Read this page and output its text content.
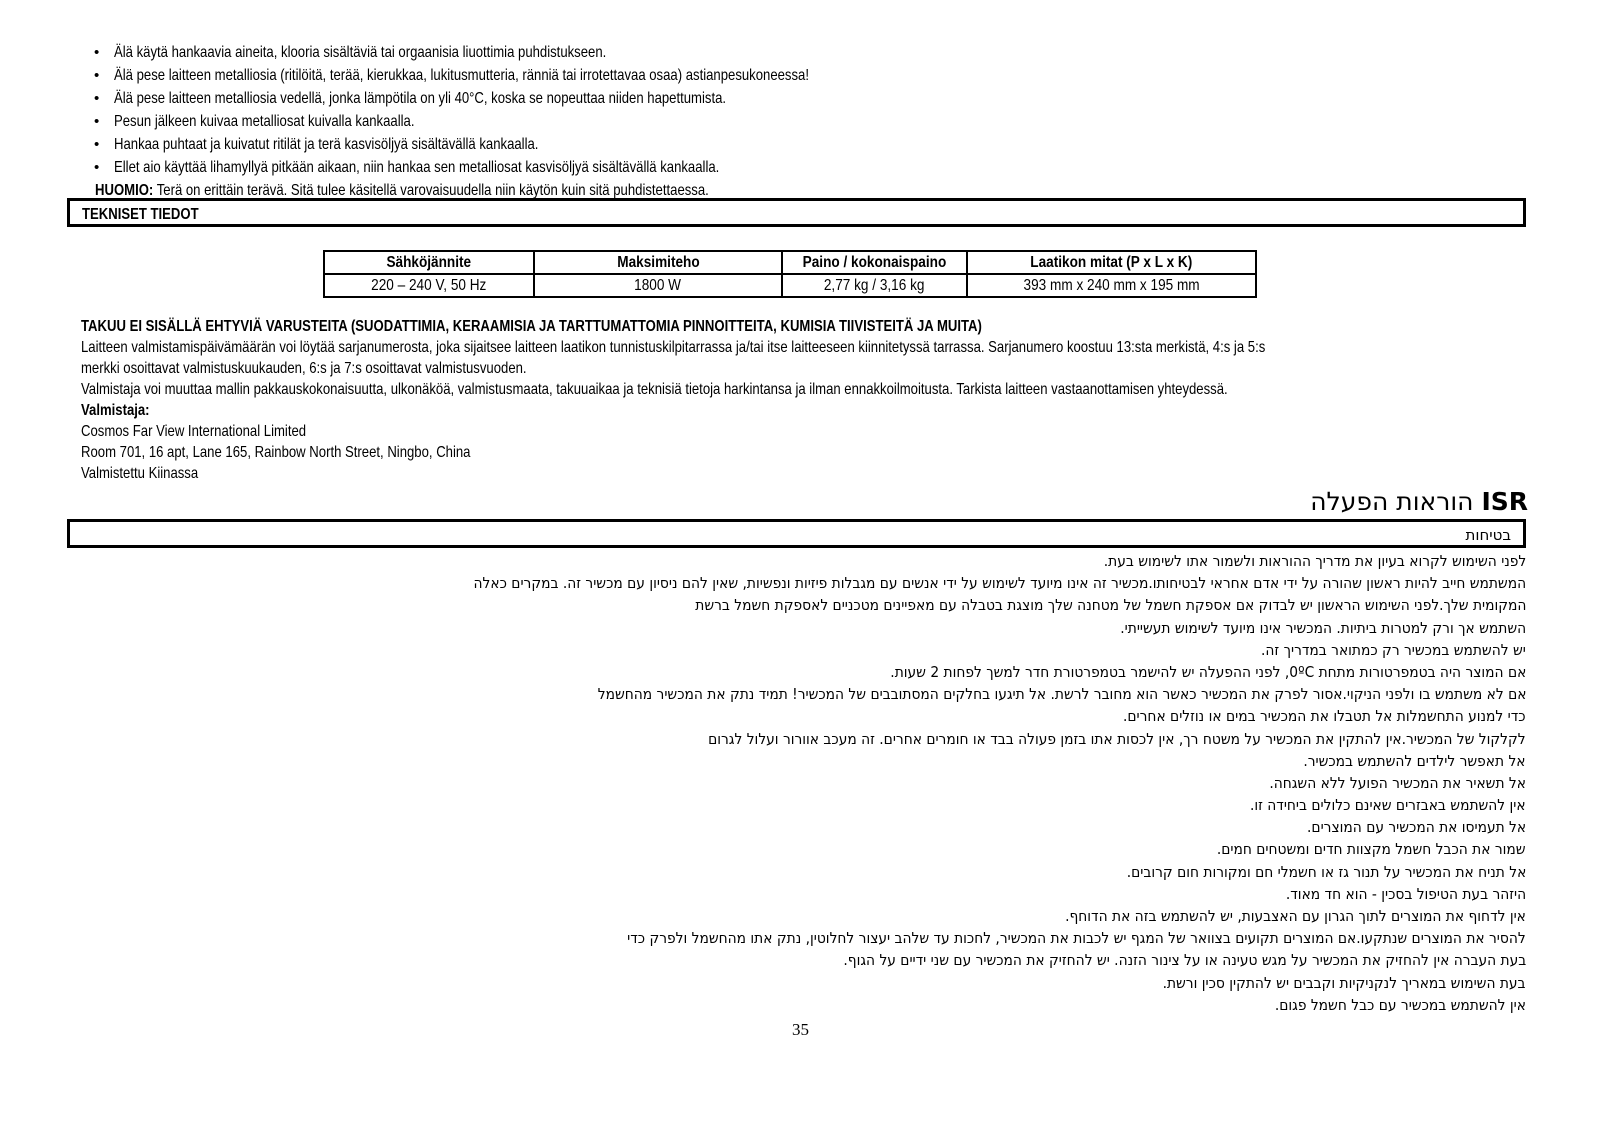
• Älä käytä hankaavia aineita, klooria sisältäviä tai orgaanisia liuottimia puhdistukseen.
• Älä pese laitteen metalliosia (ritilöitä, terää, kierukkaa, lukitusmutteria, ränniä tai irrotettavaa osaa) astianpesukoneessa!
• Älä pese laitteen metalliosia vedellä, jonka lämpötila on yli 40°C, koska se nopeuttaa niiden hapettumista.
• Pesun jälkeen kuivaa metalliosat kuivalla kankaalla.
• Hankaa puhtaat ja kuivatut ritilät ja terä kasvisöljyä sisältävällä kankaalla.
• Ellet aio käyttää lihamyllyä pitkään aikaan, niin hankaa sen metalliosat kasvisöljyä sisältävällä kankaalla.
HUOMIO: Terä on erittäin terävä. Sitä tulee käsitellä varovaisuudella niin käytön kuin sitä puhdistettaessa.
TEKNISET TIEDOT
Sähköjännite	Maksimiteho	Paino / kokonaispaino	Laatikon mitat (P x L x K)
220 – 240 V, 50 Hz	1800 W	2,77 kg / 3,16 kg	393 mm x 240 mm x 195 mm

TAKUU EI SISÄLLÄ EHTYVIÄ VARUSTEITA (SUODATTIMIA, KERAAMISIA JA TARTTUMATTOMIA PINNOITTEITA, KUMISIA TIIVISTEITÄ JA MUITA)

Laitteen valmistamispäivämäärän voi löytää sarjanumerosta, joka sijaitsee laitteen laatikon tunnistuskilpitarrassa ja/tai itse laitteeseen kiinnitetyssä tarrassa. Sarjanumero koostuu 13:sta merkistä, 4:s ja 5:s

merkki osoittavat valmistuskuukauden, 6:s ja 7:s osoittavat valmistusvuoden.

Valmistaja voi muuttaa mallin pakkauskokonaisuutta, ulkonäköä, valmistusmaata, takuuaikaa ja teknisiä tietoja harkintansa ja ilman ennakkoilmoitusta. Tarkista laitteen vastaanottamisen yhteydessä.

Valmistaja:

Cosmos Far View International Limited

Room 701, 16 apt, Lane 165, Rainbow North Street, Ningbo, China

Valmistettu Kiinassa

הוראות הפעלה ISR
בטיחות
לפני השימוש לקרוא בעיון את מדריך ההוראות ולשמור אתו לשימוש בעת.
המשתמש חייב להיות ראשון שהורה על ידי אדם אחראי לבטיחותו.מכשיר זה אינו מיועד לשימוש על ידי אנשים עם מגבלות פיזיות ונפשיות, שאין להם ניסיון עם מכשיר זה. במקרים כאלה
המקומית שלך.לפני השימוש הראשון יש לבדוק אם אספקת חשמל של מטחנה שלך מוצגת בטבלה עם מאפיינים מטכניים לאספקת חשמל ברשת
השתמש אך ורק למטרות ביתיות. המכשיר אינו מיועד לשימוש תעשייתי.
יש להשתמש במכשיר רק כמתואר במדריך זה.
אם המוצר היה בטמפרטורות מתחת 0ºC, לפני ההפעלה יש להישמר בטמפרטורת חדר למשך לפחות 2 שעות.
אם לא משתמש בו ולפני הניקוי.אסור לפרק את המכשיר כאשר הוא מחובר לרשת. אל תיגעו בחלקים המסתובבים של המכשיר! תמיד נתק את המכשיר מהחשמל
כדי למנוע התחשמלות אל תטבלו את המכשיר במים או נוזלים אחרים.
לקלקול של המכשיר.אין להתקין את המכשיר על משטח רך, אין לכסות אתו בזמן פעולה בבד או חומרים אחרים. זה מעכב אוורור ועלול לגרום
אל תאפשר לילדים להשתמש במכשיר.
אל תשאיר את המכשיר הפועל ללא השגחה.
אין להשתמש באבזרים שאינם כלולים ביחידה זו.
אל תעמיסו את המכשיר עם המוצרים.
שמור את הכבל חשמל מקצוות חדים ומשטחים חמים.
אל תניח את המכשיר על תנור גז או חשמלי חם ומקורות חום קרובים.
היזהר בעת הטיפול בסכין - הוא חד מאוד.
אין לדחוף את המוצרים לתוך הגרון עם האצבעות, יש להשתמש בזה את הדוחף.
להסיר את המוצרים שנתקעו.אם המוצרים תקועים בצוואר של המגף יש לכבות את המכשיר, לחכות עד שלהב יעצור לחלוטין, נתק אתו מהחשמל ולפרק כדי
בעת העברה אין להחזיק את המכשיר על מגש טעינה או על צינור הזנה. יש להחזיק את המכשיר עם שני ידיים על הגוף.
בעת השימוש במאריך לנקניקיות וקבבים יש להתקין סכין ורשת.
אין להשתמש במכשיר עם כבל חשמל פגום.
35
